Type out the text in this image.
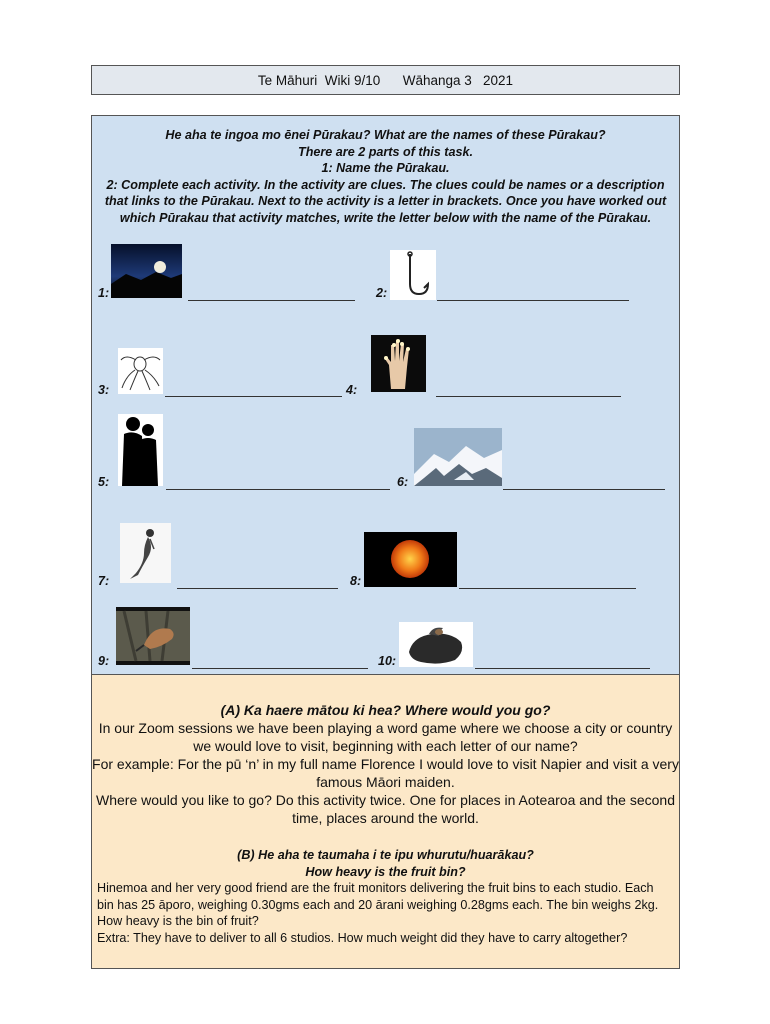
Te Māhuri  Wiki 9/10
Wāhanga 3   2021
He aha te ingoa mo ēnei Pūrakau? What are the names of these Pūrakau?
There are 2 parts of this task.
1: Name the Pūrakau.
2: Complete each activity. In the activity are clues. The clues could be names or a description that links to the Pūrakau. Next to the activity is a letter in brackets. Once you have worked out which Pūrakau that activity matches, write the letter below with the name of the Pūrakau.
1:	2:
3:	4:
5:	6:
7:	8:
9:	10:
(A) Ka haere mātou ki hea? Where would you go?
In our Zoom sessions we have been playing a word game where we choose a city or country we would love to visit, beginning with each letter of our name?
For example: For the pū ‘n’ in my full name Florence I would love to visit Napier and visit a very famous Māori maiden.
Where would you like to go? Do this activity twice. One for places in Aotearoa and the second time, places around the world.
(B) He aha te taumaha i te ipu whurutu/huarākau?
How heavy is the fruit bin?
Hinemoa and her very good friend are the fruit monitors delivering the fruit bins to each studio. Each bin has 25 āporo, weighing 0.30gms each and 20 ārani weighing 0.28gms each. The bin weighs 2kg. How heavy is the bin of fruit?
Extra: They have to deliver to all 6 studios. How much weight did they have to carry altogether?
